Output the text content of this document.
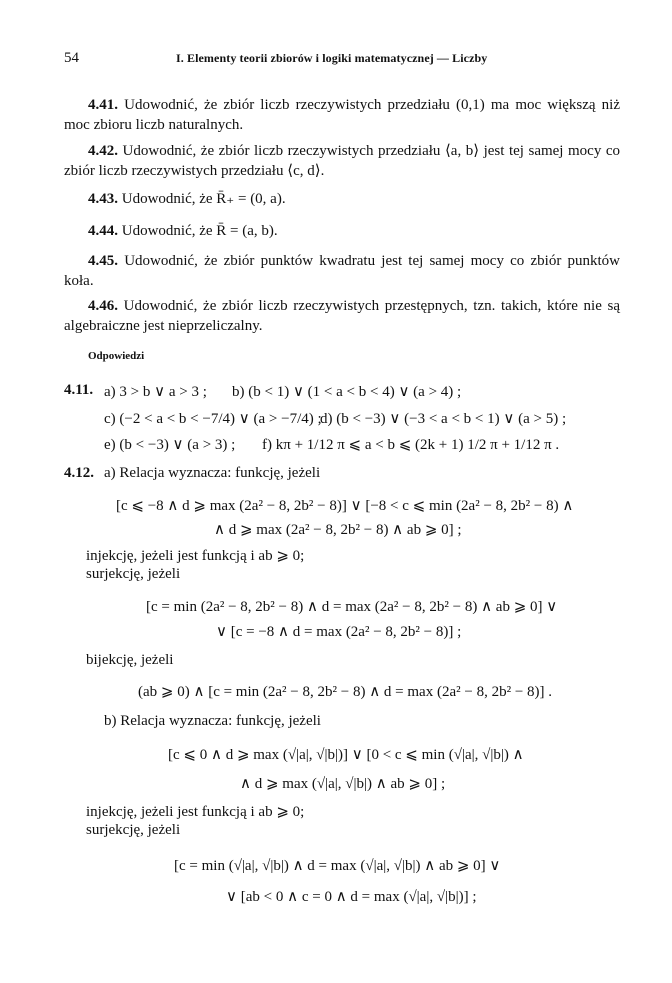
54	I. Elementy teorii zbiorów i logiki matematycznej — Liczby
4.41. Udowodnić, że zbiór liczb rzeczywistych przedziału (0,1) ma moc większą niż moc zbioru liczb naturalnych.
4.42. Udowodnić, że zbiór liczb rzeczywistych przedziału ⟨a, b⟩ jest tej samej mocy co zbiór liczb rzeczywistych przedziału ⟨c, d⟩.
4.43. Udowodnić, że R̄₊ = (0, a).
4.44. Udowodnić, że R̄ = (a, b).
4.45. Udowodnić, że zbiór punktów kwadratu jest tej samej mocy co zbiór punktów koła.
4.46. Udowodnić, że zbiór liczb rzeczywistych przestępnych, tzn. takich, które nie są algebraiczne jest nieprzeliczalny.
Odpowiedzi
4.11. a) 3 > b ∨ a > 3 ; b) (b < 1) ∨ (1 < a < b < 4) ∨ (a > 4) ;
c) (−2 < a < b < −7/4) ∨ (a > −7/4) ;
d) (b < −3) ∨ (−3 < a < b < 1) ∨ (a > 5) ;
e) (b < −3) ∨ (a > 3) ; f) kπ + 1/12 π ⩽ a < b ⩽ (2k + 1) 1/2 π + 1/12 π .
4.12. a) Relacja wyznacza: funkcję, jeżeli
[c ⩽ −8 ∧ d ⩾ max (2a² − 8, 2b² − 8)] ∨ [−8 < c ⩽ min (2a² − 8, 2b² − 8) ∧
∧ d ⩾ max (2a² − 8, 2b² − 8) ∧ ab ⩾ 0] ;
injekcję, jeżeli jest funkcją i ab ⩾ 0;
surjekcję, jeżeli
[c = min (2a² − 8, 2b² − 8) ∧ d = max (2a² − 8, 2b² − 8) ∧ ab ⩾ 0] ∨
∨ [c = −8 ∧ d = max (2a² − 8, 2b² − 8)] ;
bijekcję, jeżeli
(ab ⩾ 0) ∧ [c = min (2a² − 8, 2b² − 8) ∧ d = max (2a² − 8, 2b² − 8)] .
b) Relacja wyznacza: funkcję, jeżeli
[c ⩽ 0 ∧ d ⩾ max (√|a|, √|b|)] ∨ [0 < c ⩽ min (√|a|, √|b|) ∧
∧ d ⩾ max (√|a|, √|b|) ∧ ab ⩾ 0] ;
injekcję, jeżeli jest funkcją i ab ⩾ 0;
surjekcję, jeżeli
[c = min (√|a|, √|b|) ∧ d = max (√|a|, √|b|) ∧ ab ⩾ 0] ∨
∨ [ab < 0 ∧ c = 0 ∧ d = max (√|a|, √|b|)] ;
